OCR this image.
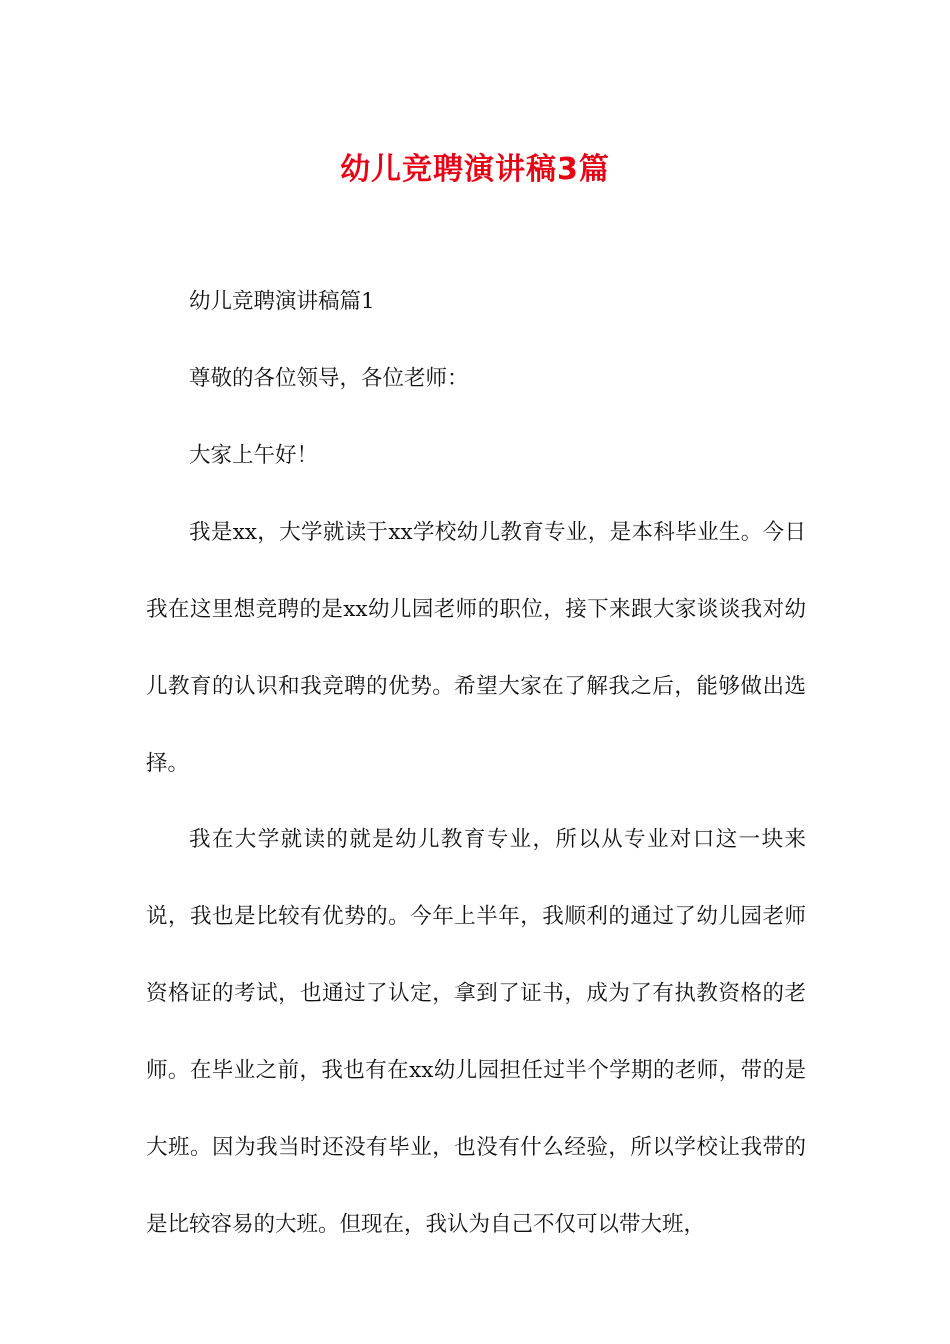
幼儿竞聘演讲稿3篇

幼儿竞聘演讲稿篇1

尊敬的各位领导，各位老师：

大家上午好！

我是xx，大学就读于xx学校幼儿教育专业，是本科毕业生。今日我在这里想竞聘的是xx幼儿园老师的职位，接下来跟大家谈谈我对幼儿教育的认识和我竞聘的优势。希望大家在了解我之后，能够做出选择。

我在大学就读的就是幼儿教育专业，所以从专业对口这一块来说，我也是比较有优势的。今年上半年，我顺利的通过了幼儿园老师资格证的考试，也通过了认定，拿到了证书，成为了有执教资格的老师。在毕业之前，我也有在xx幼儿园担任过半个学期的老师，带的是大班。因为我当时还没有毕业，也没有什么经验，所以学校让我带的是比较容易的大班。但现在，我认为自己不仅可以带大班，
